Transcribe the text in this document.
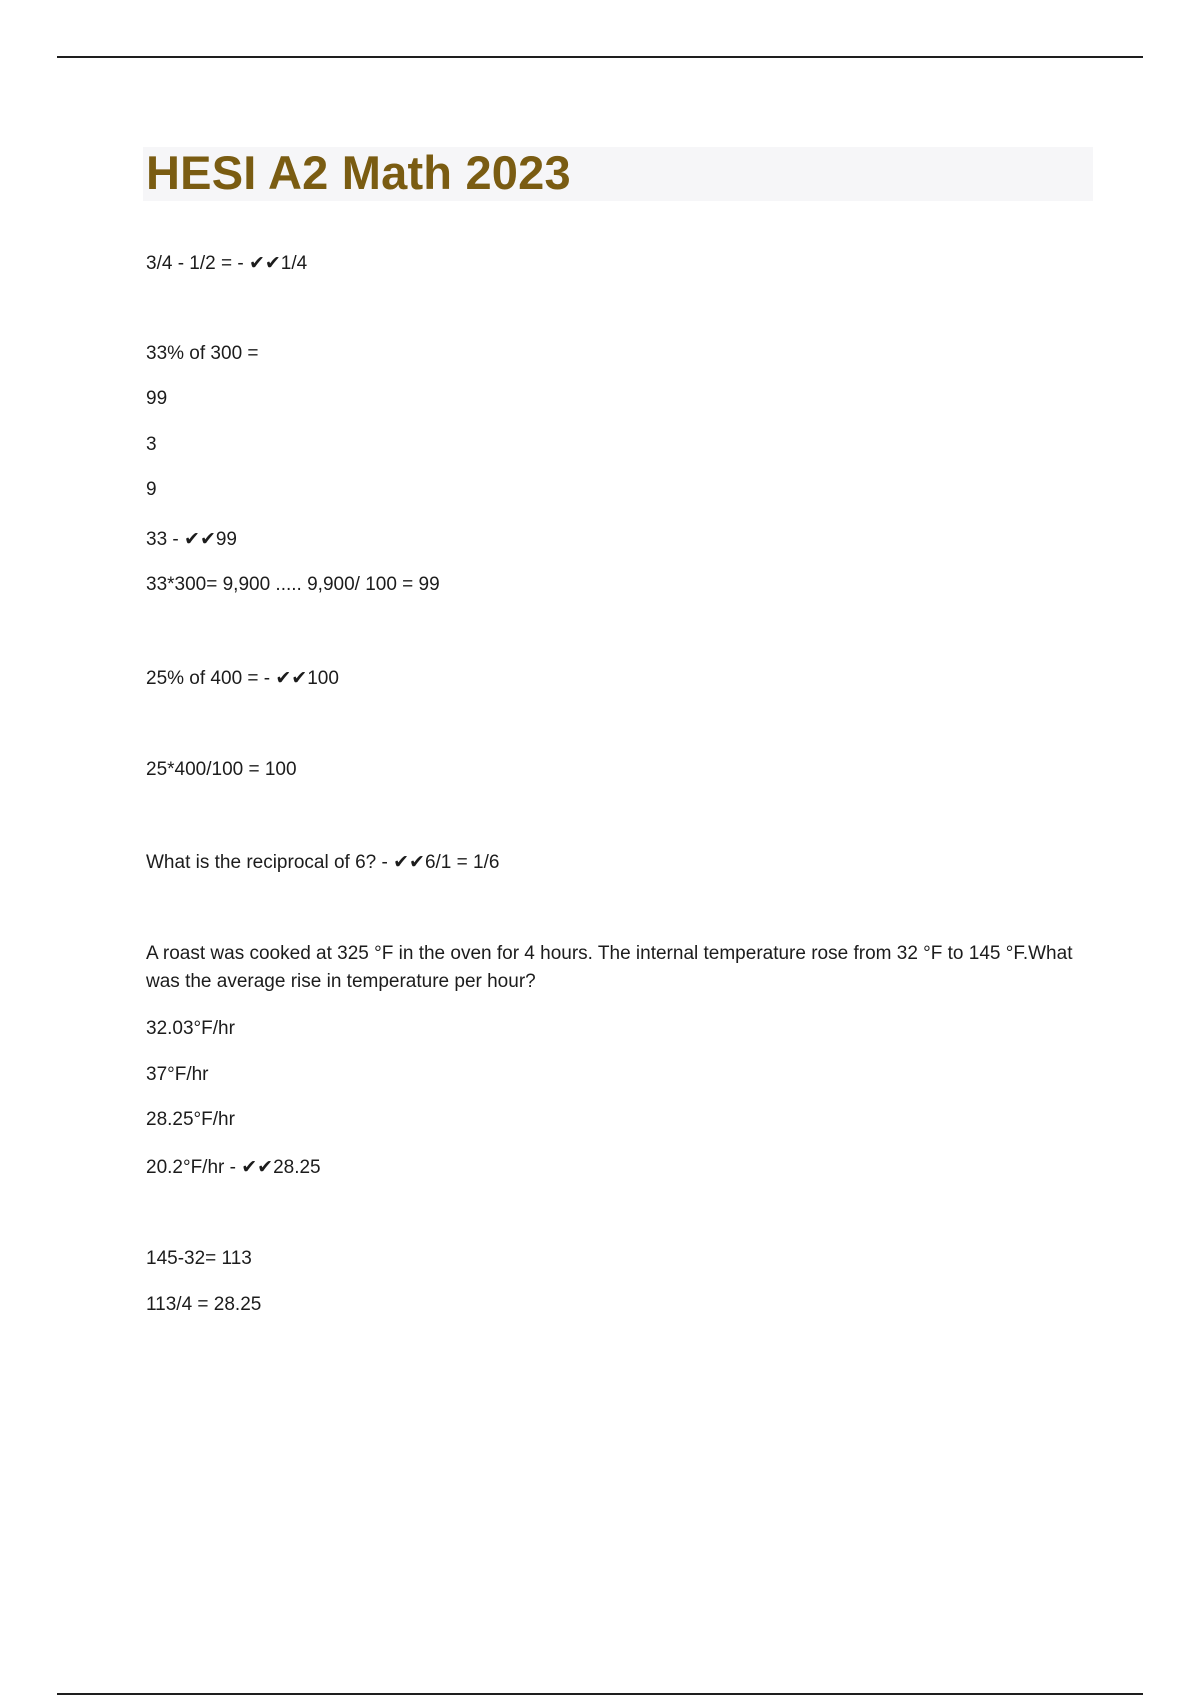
HESI A2 Math 2023

3/4 - 1/2 = - ✔✔1/4

33% of 300 =

99

3

9

33 - ✔✔99

33*300= 9,900 ..... 9,900/ 100 = 99

25% of 400 = - ✔✔100

25*400/100 = 100

What is the reciprocal of 6? - ✔✔6/1 = 1/6

A roast was cooked at 325 °F in the oven for 4 hours. The internal temperature rose from 32 °F to 145 °F.What was the average rise in temperature per hour?

32.03°F/hr

37°F/hr

28.25°F/hr

20.2°F/hr - ✔✔28.25

145-32= 113

113/4 = 28.25
